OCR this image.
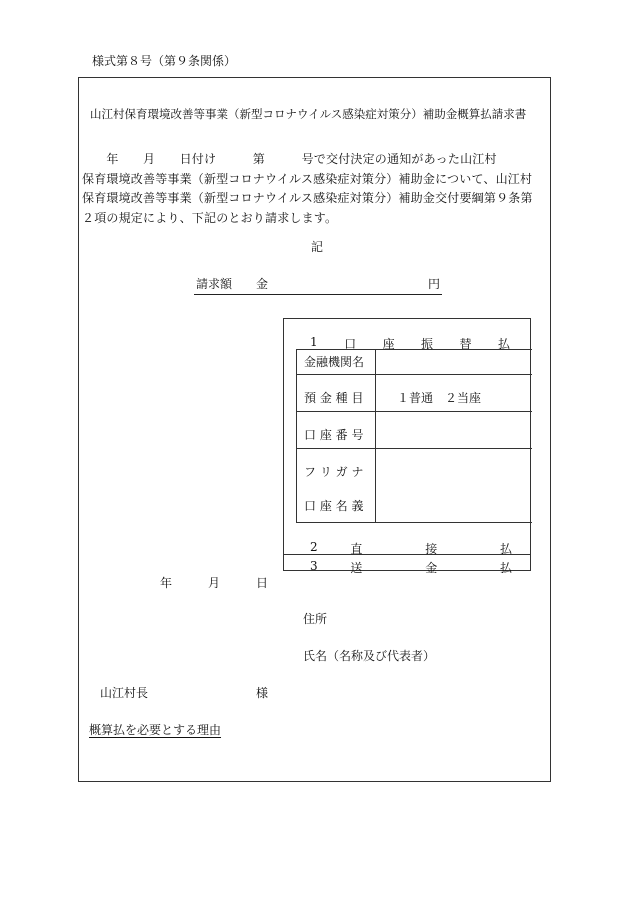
様式第８号（第９条関係）
山江村保育環境改善等事業（新型コロナウイルス感染症対策分）補助金概算払請求書

　　年　　月　　日付け　　　第　　　号で交付決定の通知があった山江村

保育環境改善等事業（新型コロナウイルス感染症対策分）補助金について、山江村

保育環境改善等事業（新型コロナウイルス感染症対策分）補助金交付要綱第９条第

２項の規定により、下記のとおり請求します。

記
請求額　　金	円
1 口 座 振 替 払
金融機関名
預 金 種 目	１普通　２当座
口 座 番 号
フ リ ガ ナ
口 座 名 義
2	直	接	払
3	送	金	払
年　　月　　日
住所
氏名（名称及び代表者）
山江村長	様
概算払を必要とする理由
